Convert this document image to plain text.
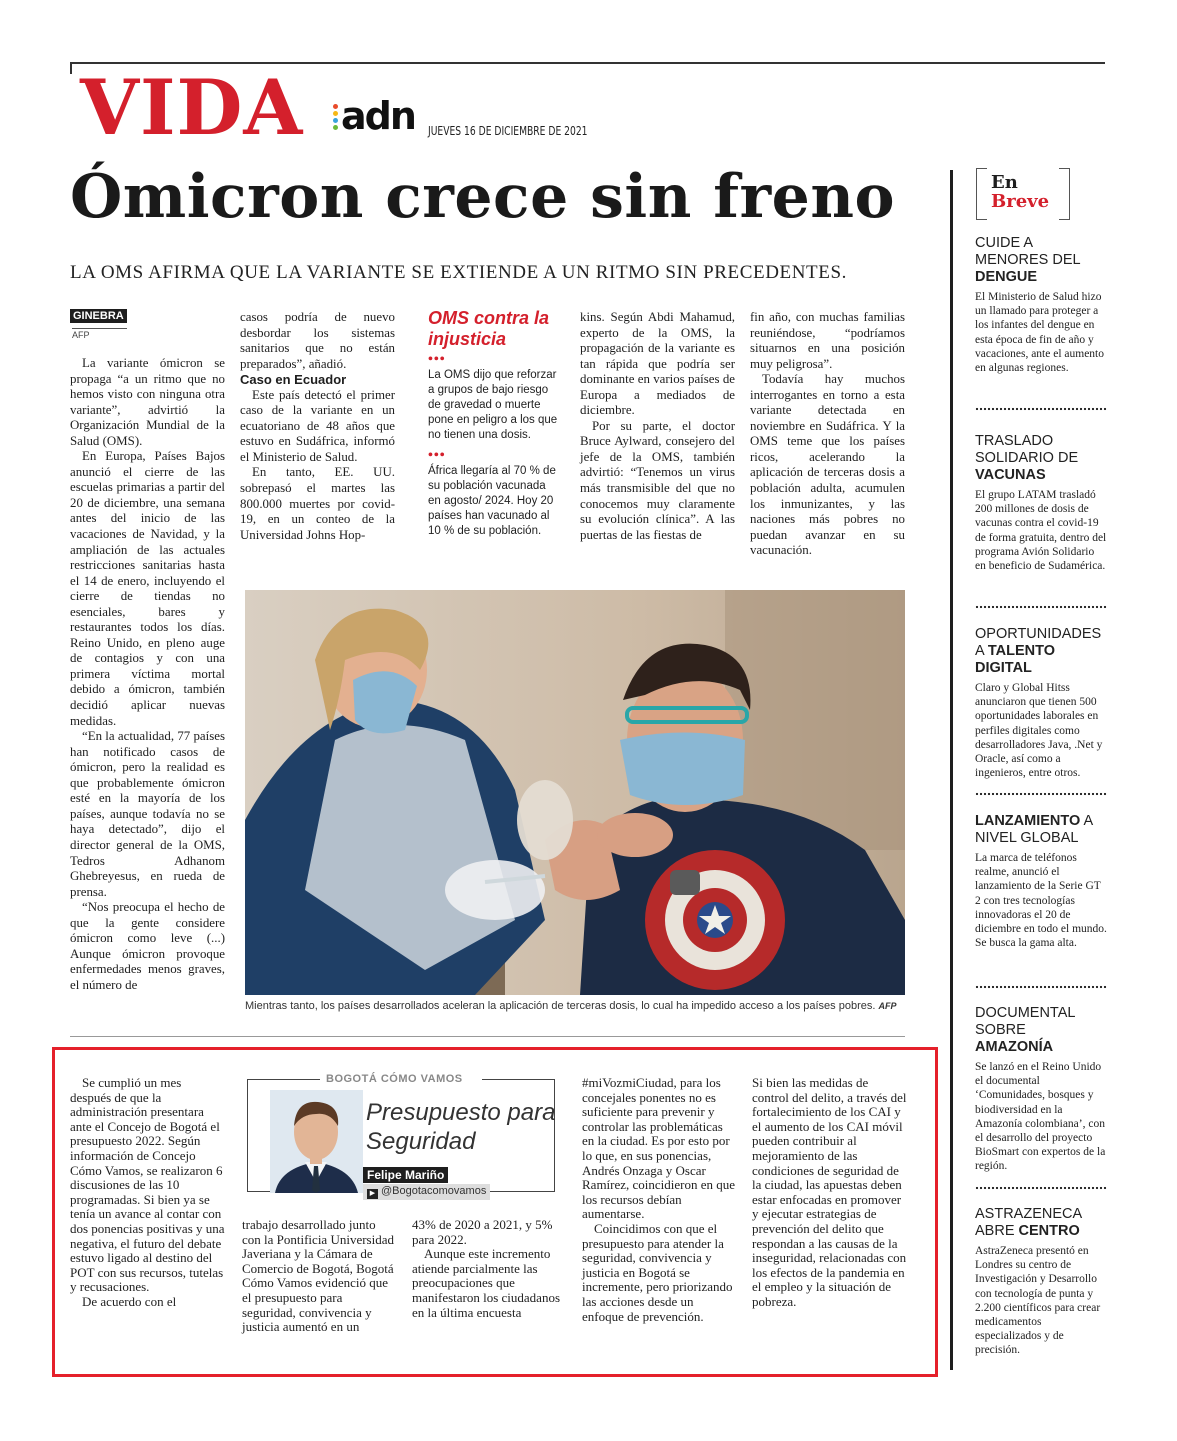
VIDA adn JUEVES 16 DE DICIEMBRE DE 2021
Ómicron crece sin freno
LA OMS AFIRMA QUE LA VARIANTE SE EXTIENDE A UN RITMO SIN PRECEDENTES.
GINEBRA
AFP

La variante ómicron se propaga “a un ritmo que no hemos visto con ninguna otra variante”, advirtió la Organización Mundial de la Salud (OMS).

En Europa, Países Bajos anunció el cierre de las escuelas primarias a partir del 20 de diciembre, una semana antes del inicio de las vacaciones de Navidad, y la ampliación de las actuales restricciones sanitarias hasta el 14 de enero, incluyendo el cierre de tiendas no esenciales, bares y restaurantes todos los días. Reino Unido, en pleno auge de contagios y con una primera víctima mortal debido a ómicron, también decidió aplicar nuevas medidas.

“En la actualidad, 77 países han notificado casos de ómicron, pero la realidad es que probablemente ómicron esté en la mayoría de los países, aunque todavía no se haya detectado”, dijo el director general de la OMS, Tedros Adhanom Ghebreyesus, en rueda de prensa.

“Nos preocupa el hecho de que la gente considere ómicron como leve (...) Aunque ómicron provoque enfermedades menos graves, el número de

casos podría de nuevo desbordar los sistemas sanitarios que no están preparados”, añadió.

Caso en Ecuador

Este país detectó el primer caso de la variante en un ecuatoriano de 48 años que estuvo en Sudáfrica, informó el Ministerio de Salud.

En tanto, EE. UU. sobrepasó el martes las 800.000 muertes por covid-19, en un conteo de la Universidad Johns Hop-

OMS contra la injusticia
•••
La OMS dijo que reforzar a grupos de bajo riesgo de gravedad o muerte pone en peligro a los que no tienen una dosis.
•••
África llegaría al 70 % de su población vacunada en agosto/ 2024. Hoy 20 países han vacunado al 10 % de su población.

kins. Según Abdi Mahamud, experto de la OMS, la propagación de la variante es tan rápida que podría ser dominante en varios países de Europa a mediados de diciembre.

Por su parte, el doctor Bruce Aylward, consejero del jefe de la OMS, también advirtió: “Tenemos un virus más transmisible del que no conocemos muy claramente su evolución clínica”. A las puertas de las fiestas de

fin año, con muchas familias reuniéndose, “podríamos situarnos en una posición muy peligrosa”.

Todavía hay muchos interrogantes en torno a esta variante detectada en noviembre en Sudáfrica. Y la OMS teme que los países ricos, acelerando la aplicación de terceras dosis a población adulta, acumulen los inmunizantes, y las naciones más pobres no puedan avanzar en su vacunación.

Mientras tanto, los países desarrollados aceleran la aplicación de terceras dosis, lo cual ha impedido acceso a los países pobres. AFP

Se cumplió un mes después de que la administración presentara ante el Concejo de Bogotá el presupuesto 2022. Según información de Concejo Cómo Vamos, se realizaron 6 discusiones de las 10 programadas. Si bien ya se tenía un avance al contar con dos ponencias positivas y una negativa, el futuro del debate estuvo ligado al destino del POT con sus recursos, tutelas y recusaciones.

De acuerdo con el

BOGOTÁ CÓMO VAMOS
Presupuesto para Seguridad
Felipe Mariño
▶ @Bogotacomovamos

trabajo desarrollado junto con la Pontificia Universidad Javeriana y la Cámara de Comercio de Bogotá, Bogotá Cómo Vamos evidenció que el presupuesto para seguridad, convivencia y justicia aumentó en un

43% de 2020 a 2021, y 5% para 2022.

Aunque este incremento atiende parcialmente las preocupaciones que manifestaron los ciudadanos en la última encuesta

#miVozmiCiudad, para los concejales ponentes no es suficiente para prevenir y controlar las problemáticas en la ciudad. Es por esto por lo que, en sus ponencias, Andrés Onzaga y Oscar Ramírez, coincidieron en que los recursos debían aumentarse.

Coincidimos con que el presupuesto para atender la seguridad, convivencia y justicia en Bogotá se incremente, pero priorizando las acciones desde un enfoque de prevención.

Si bien las medidas de control del delito, a través del fortalecimiento de los CAI y el aumento de los CAI móvil pueden contribuir al mejoramiento de las condiciones de seguridad de la ciudad, las apuestas deben estar enfocadas en promover y ejecutar estrategias de prevención del delito que respondan a las causas de la inseguridad, relacionadas con los efectos de la pandemia en el empleo y la situación de pobreza.

En
Breve
CUIDE A MENORES DEL DENGUE
El Ministerio de Salud hizo un llamado para proteger a los infantes del dengue en esta época de fin de año y vacaciones, ante el aumento en algunas regiones.
TRASLADO SOLIDARIO DE VACUNAS
El grupo LATAM trasladó 200 millones de dosis de vacunas contra el covid-19 de forma gratuita, dentro del programa Avión Solidario en beneficio de Sudamérica.
OPORTUNIDADES A TALENTO DIGITAL
Claro y Global Hitss anunciaron que tienen 500 oportunidades laborales en perfiles digitales como desarrolladores Java, .Net y Oracle, así como a ingenieros, entre otros.
LANZAMIENTO A NIVEL GLOBAL
La marca de teléfonos realme, anunció el lanzamiento de la Serie GT 2 con tres tecnologías innovadoras el 20 de diciembre en todo el mundo. Se busca la gama alta.
DOCUMENTAL SOBRE AMAZONÍA
Se lanzó en el Reino Unido el documental ‘Comunidades, bosques y biodiversidad en la Amazonía colombiana’, con el desarrollo del proyecto BioSmart con expertos de la región.
ASTRAZENECA ABRE CENTRO
AstraZeneca presentó en Londres su centro de Investigación y Desarrollo con tecnología de punta y 2.200 científicos para crear medicamentos especializados y de precisión.
